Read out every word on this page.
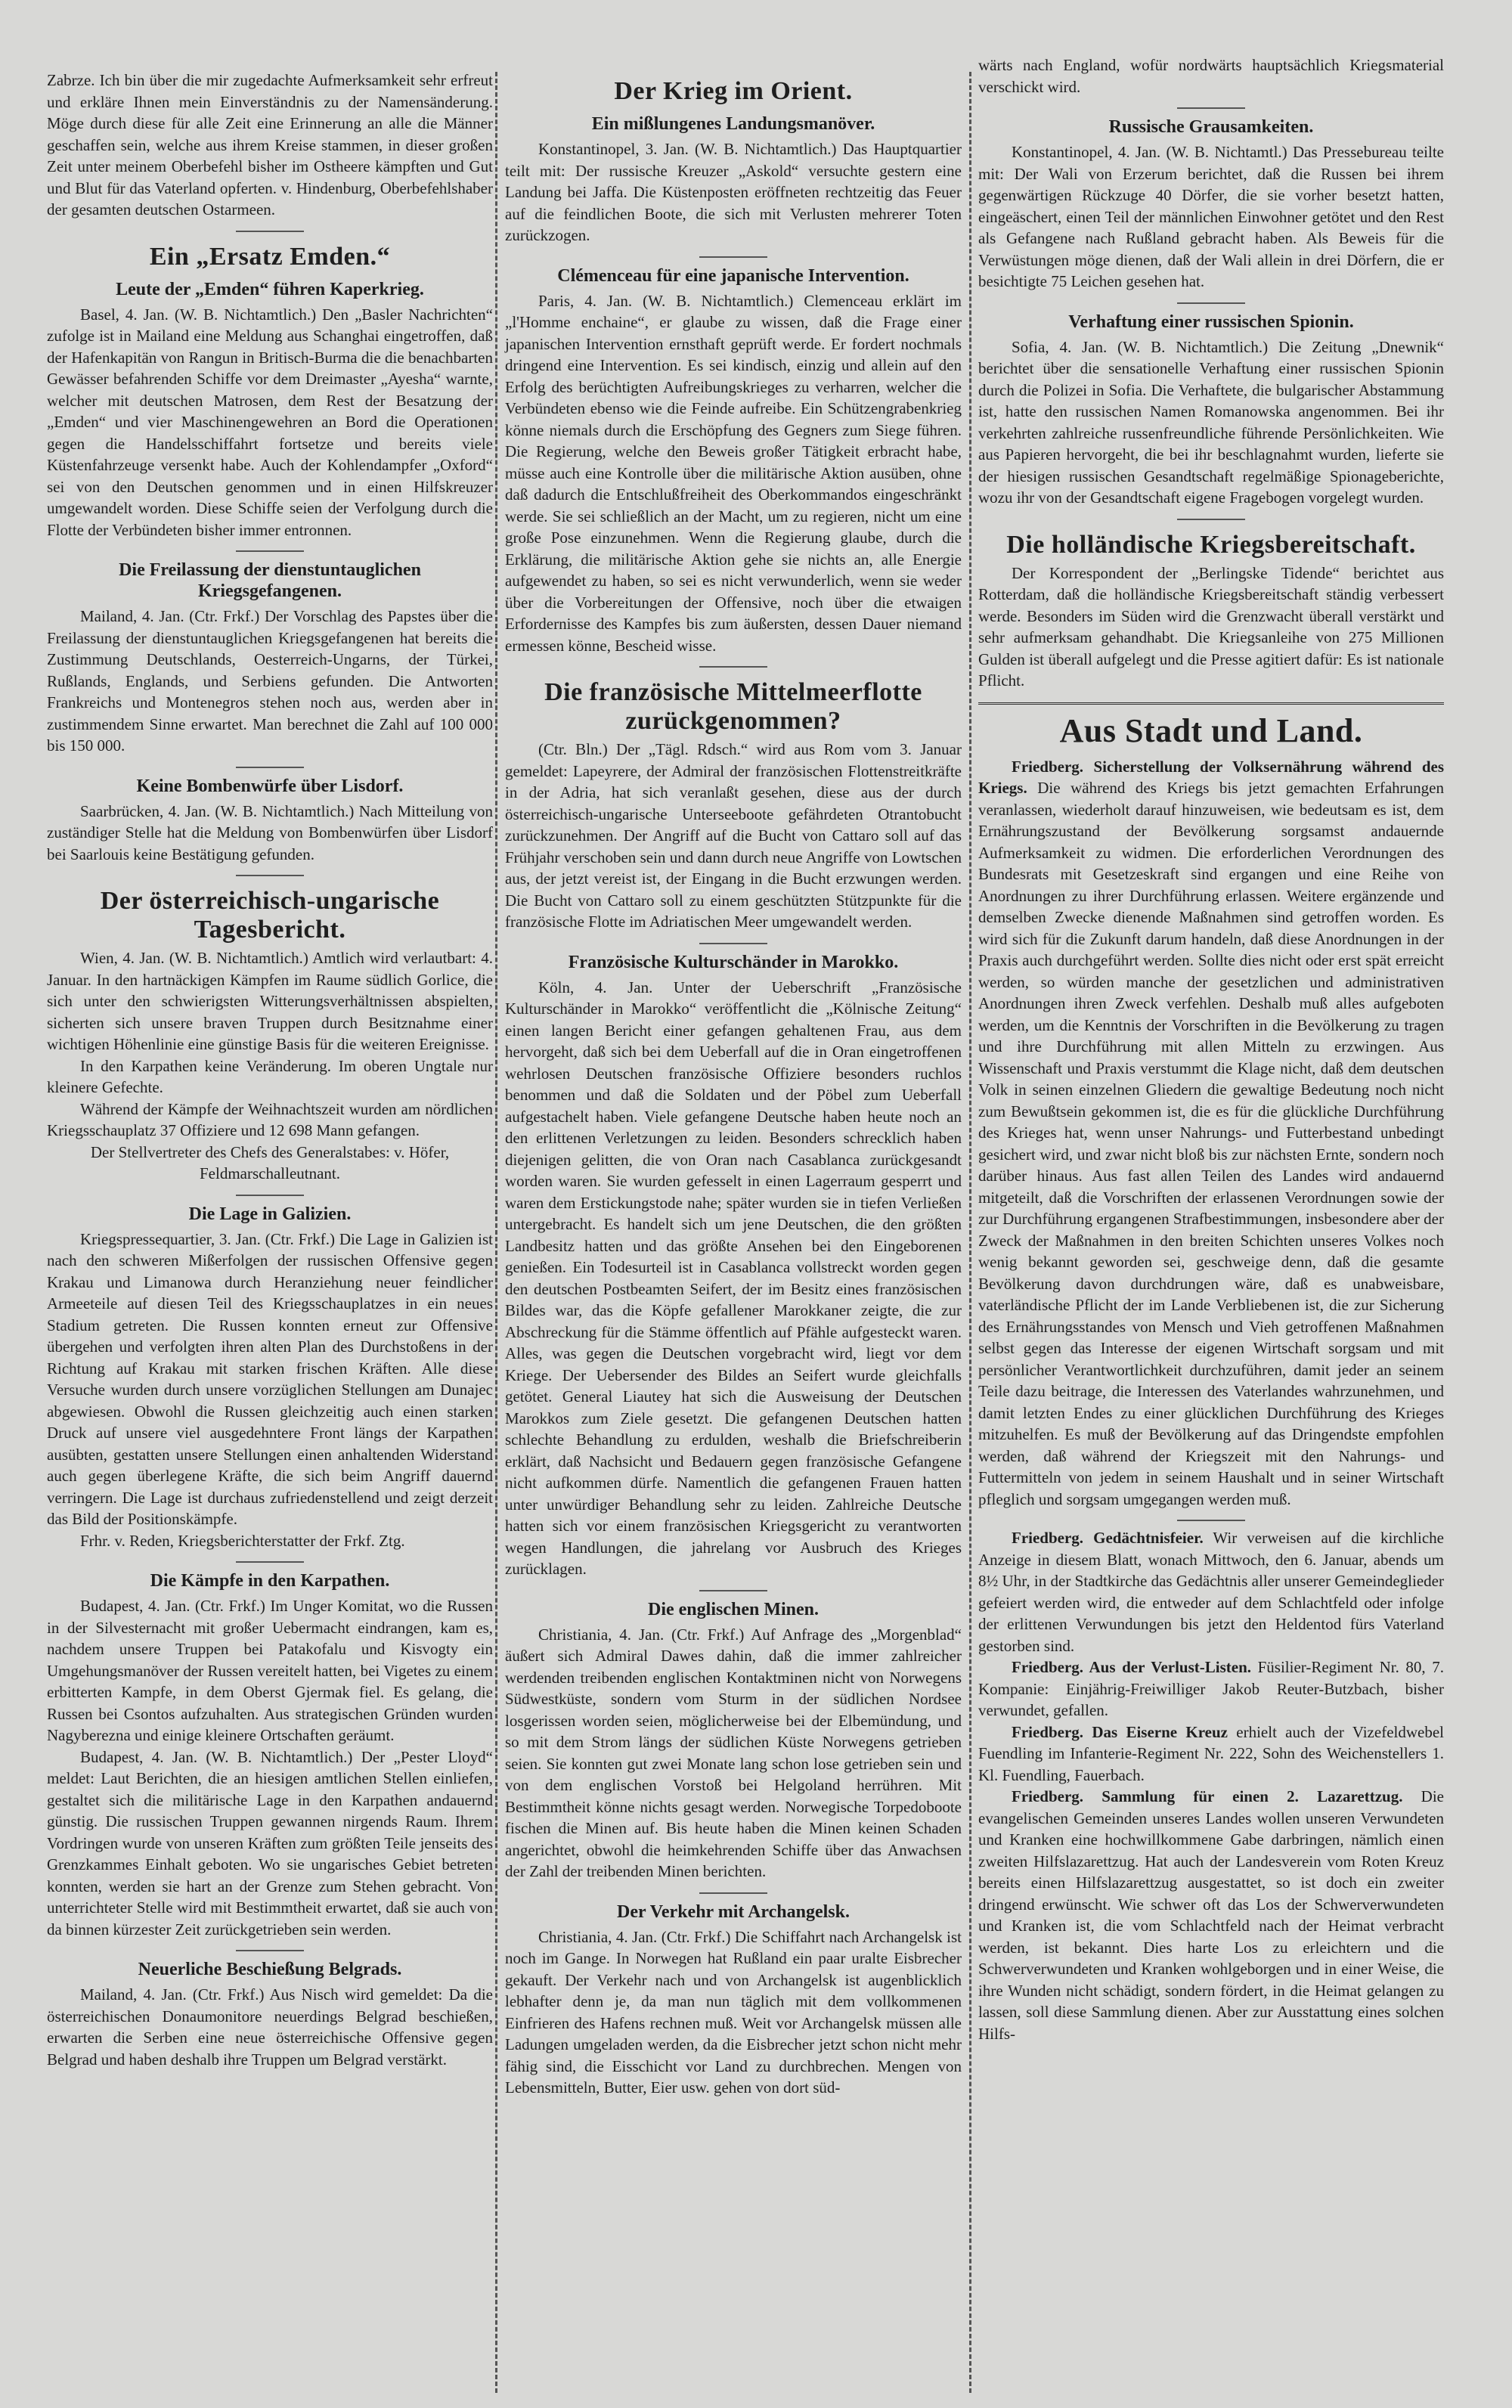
Zabrze. Ich bin über die mir zugedachte Aufmerksamkeit sehr erfreut und erkläre Ihnen mein Einverständnis zu der Namensänderung. Möge durch diese für alle Zeit eine Erinnerung an alle die Männer geschaffen sein, welche aus ihrem Kreise stammen, in dieser großen Zeit unter meinem Oberbefehl bisher im Ostheere kämpften und Gut und Blut für das Vaterland opferten. v. Hindenburg, Oberbefehlshaber der gesamten deutschen Ostarmeen.

Ein „Ersatz Emden.“
Leute der „Emden“ führen Kaperkrieg.

Basel, 4. Jan. (W. B. Nichtamtlich.) Den „Basler Nachrichten“ zufolge ist in Mailand eine Meldung aus Schanghai eingetroffen, daß der Hafenkapitän von Rangun in Britisch-Burma die die benachbarten Gewässer befahrenden Schiffe vor dem Dreimaster „Ayesha“ warnte, welcher mit deutschen Matrosen, dem Rest der Besatzung der „Emden“ und vier Maschinengewehren an Bord die Operationen gegen die Handelsschiffahrt fortsetze und bereits viele Küstenfahrzeuge versenkt habe. Auch der Kohlendampfer „Oxford“ sei von den Deutschen genommen und in einen Hilfskreuzer umgewandelt worden. Diese Schiffe seien der Verfolgung durch die Flotte der Verbündeten bisher immer entronnen.

Die Freilassung der dienstuntauglichen Kriegsgefangenen.

Mailand, 4. Jan. (Ctr. Frkf.) Der Vorschlag des Papstes über die Freilassung der dienstuntauglichen Kriegsgefangenen hat bereits die Zustimmung Deutschlands, Oesterreich-Ungarns, der Türkei, Rußlands, Englands, und Serbiens gefunden. Die Antworten Frankreichs und Montenegros stehen noch aus, werden aber in zustimmendem Sinne erwartet. Man berechnet die Zahl auf 100 000 bis 150 000.

Keine Bombenwürfe über Lisdorf.

Saarbrücken, 4. Jan. (W. B. Nichtamtlich.) Nach Mitteilung von zuständiger Stelle hat die Meldung von Bombenwürfen über Lisdorf bei Saarlouis keine Bestätigung gefunden.

Der österreichisch-ungarische Tagesbericht.

Wien, 4. Jan. (W. B. Nichtamtlich.) Amtlich wird verlautbart: 4. Januar. In den hartnäckigen Kämpfen im Raume südlich Gorlice, die sich unter den schwierigsten Witterungsverhältnissen abspielten, sicherten sich unsere braven Truppen durch Besitznahme einer wichtigen Höhenlinie eine günstige Basis für die weiteren Ereignisse.

In den Karpathen keine Veränderung. Im oberen Ungtale nur kleinere Gefechte.

Während der Kämpfe der Weihnachtszeit wurden am nördlichen Kriegsschauplatz 37 Offiziere und 12 698 Mann gefangen.

Der Stellvertreter des Chefs des Generalstabes: v. Höfer, Feldmarschalleutnant.

Die Lage in Galizien.

Kriegspressequartier, 3. Jan. (Ctr. Frkf.) Die Lage in Galizien ist nach den schweren Mißerfolgen der russischen Offensive gegen Krakau und Limanowa durch Heranziehung neuer feindlicher Armeeteile auf diesen Teil des Kriegsschauplatzes in ein neues Stadium getreten. Die Russen konnten erneut zur Offensive übergehen und verfolgten ihren alten Plan des Durchstoßens in der Richtung auf Krakau mit starken frischen Kräften. Alle diese Versuche wurden durch unsere vorzüglichen Stellungen am Dunajec abgewiesen. Obwohl die Russen gleichzeitig auch einen starken Druck auf unsere viel ausgedehntere Front längs der Karpathen ausübten, gestatten unsere Stellungen einen anhaltenden Widerstand auch gegen überlegene Kräfte, die sich beim Angriff dauernd verringern. Die Lage ist durchaus zufriedenstellend und zeigt derzeit das Bild der Positionskämpfe.

Frhr. v. Reden, Kriegsberichterstatter der Frkf. Ztg.

Die Kämpfe in den Karpathen.

Budapest, 4. Jan. (Ctr. Frkf.) Im Unger Komitat, wo die Russen in der Silvesternacht mit großer Uebermacht eindrangen, kam es, nachdem unsere Truppen bei Patakofalu und Kisvogty ein Umgehungsmanöver der Russen vereitelt hatten, bei Vigetes zu einem erbitterten Kampfe, in dem Oberst Gjermak fiel. Es gelang, die Russen bei Csontos aufzuhalten. Aus strategischen Gründen wurden Nagyberezna und einige kleinere Ortschaften geräumt.

Budapest, 4. Jan. (W. B. Nichtamtlich.) Der „Pester Lloyd“ meldet: Laut Berichten, die an hiesigen amtlichen Stellen einliefen, gestaltet sich die militärische Lage in den Karpathen andauernd günstig. Die russischen Truppen gewannen nirgends Raum. Ihrem Vordringen wurde von unseren Kräften zum größten Teile jenseits des Grenzkammes Einhalt geboten. Wo sie ungarisches Gebiet betreten konnten, werden sie hart an der Grenze zum Stehen gebracht. Von unterrichteter Stelle wird mit Bestimmtheit erwartet, daß sie auch von da binnen kürzester Zeit zurückgetrieben sein werden.

Neuerliche Beschießung Belgrads.

Mailand, 4. Jan. (Ctr. Frkf.) Aus Nisch wird gemeldet: Da die österreichischen Donaumonitore neuerdings Belgrad beschießen, erwarten die Serben eine neue österreichische Offensive gegen Belgrad und haben deshalb ihre Truppen um Belgrad verstärkt.

Der Krieg im Orient.
Ein mißlungenes Landungsmanöver.

Konstantinopel, 3. Jan. (W. B. Nichtamtlich.) Das Hauptquartier teilt mit: Der russische Kreuzer „Askold“ versuchte gestern eine Landung bei Jaffa. Die Küstenposten eröffneten rechtzeitig das Feuer auf die feindlichen Boote, die sich mit Verlusten mehrerer Toten zurückzogen.

Clémenceau für eine japanische Intervention.

Paris, 4. Jan. (W. B. Nichtamtlich.) Clemenceau erklärt im „l'Homme enchaine“, er glaube zu wissen, daß die Frage einer japanischen Intervention ernsthaft geprüft werde. Er fordert nochmals dringend eine Intervention. Es sei kindisch, einzig und allein auf den Erfolg des berüchtigten Aufreibungskrieges zu verharren, welcher die Verbündeten ebenso wie die Feinde aufreibe. Ein Schützengrabenkrieg könne niemals durch die Erschöpfung des Gegners zum Siege führen. Die Regierung, welche den Beweis großer Tätigkeit erbracht habe, müsse auch eine Kontrolle über die militärische Aktion ausüben, ohne daß dadurch die Entschlußfreiheit des Oberkommandos eingeschränkt werde. Sie sei schließlich an der Macht, um zu regieren, nicht um eine große Pose einzunehmen. Wenn die Regierung glaube, durch die Erklärung, die militärische Aktion gehe sie nichts an, alle Energie aufgewendet zu haben, so sei es nicht verwunderlich, wenn sie weder über die Vorbereitungen der Offensive, noch über die etwaigen Erfordernisse des Kampfes bis zum äußersten, dessen Dauer niemand ermessen könne, Bescheid wisse.

Die französische Mittelmeerflotte zurückgenommen?

(Ctr. Bln.) Der „Tägl. Rdsch.“ wird aus Rom vom 3. Januar gemeldet: Lapeyrere, der Admiral der französischen Flottenstreitkräfte in der Adria, hat sich veranlaßt gesehen, diese aus der durch österreichisch-ungarische Unterseeboote gefährdeten Otrantobucht zurückzunehmen. Der Angriff auf die Bucht von Cattaro soll auf das Frühjahr verschoben sein und dann durch neue Angriffe von Lowtschen aus, der jetzt vereist ist, der Eingang in die Bucht erzwungen werden. Die Bucht von Cattaro soll zu einem geschützten Stützpunkte für die französische Flotte im Adriatischen Meer umgewandelt werden.

Französische Kulturschänder in Marokko.

Köln, 4. Jan. Unter der Ueberschrift „Französische Kulturschänder in Marokko“ veröffentlicht die „Kölnische Zeitung“ einen langen Bericht einer gefangen gehaltenen Frau, aus dem hervorgeht, daß sich bei dem Ueberfall auf die in Oran eingetroffenen wehrlosen Deutschen französische Offiziere besonders ruchlos benommen und daß die Soldaten und der Pöbel zum Ueberfall aufgestachelt haben. Viele gefangene Deutsche haben heute noch an den erlittenen Verletzungen zu leiden. Besonders schrecklich haben diejenigen gelitten, die von Oran nach Casablanca zurückgesandt worden waren. Sie wurden gefesselt in einen Lagerraum gesperrt und waren dem Erstickungstode nahe; später wurden sie in tiefen Verließen untergebracht. Es handelt sich um jene Deutschen, die den größten Landbesitz hatten und das größte Ansehen bei den Eingeborenen genießen. Ein Todesurteil ist in Casablanca vollstreckt worden gegen den deutschen Postbeamten Seifert, der im Besitz eines französischen Bildes war, das die Köpfe gefallener Marokkaner zeigte, die zur Abschreckung für die Stämme öffentlich auf Pfähle aufgesteckt waren. Alles, was gegen die Deutschen vorgebracht wird, liegt vor dem Kriege. Der Uebersender des Bildes an Seifert wurde gleichfalls getötet. General Liautey hat sich die Ausweisung der Deutschen Marokkos zum Ziele gesetzt. Die gefangenen Deutschen hatten schlechte Behandlung zu erdulden, weshalb die Briefschreiberin erklärt, daß Nachsicht und Bedauern gegen französische Gefangene nicht aufkommen dürfe. Namentlich die gefangenen Frauen hatten unter unwürdiger Behandlung sehr zu leiden. Zahlreiche Deutsche hatten sich vor einem französischen Kriegsgericht zu verantworten wegen Handlungen, die jahrelang vor Ausbruch des Krieges zurücklagen.

Die englischen Minen.

Christiania, 4. Jan. (Ctr. Frkf.) Auf Anfrage des „Morgenblad“ äußert sich Admiral Dawes dahin, daß die immer zahlreicher werdenden treibenden englischen Kontaktminen nicht von Norwegens Südwestküste, sondern vom Sturm in der südlichen Nordsee losgerissen worden seien, möglicherweise bei der Elbemündung, und so mit dem Strom längs der südlichen Küste Norwegens getrieben seien. Sie konnten gut zwei Monate lang schon lose getrieben sein und von dem englischen Vorstoß bei Helgoland herrühren. Mit Bestimmtheit könne nichts gesagt werden. Norwegische Torpedoboote fischen die Minen auf. Bis heute haben die Minen keinen Schaden angerichtet, obwohl die heimkehrenden Schiffe über das Anwachsen der Zahl der treibenden Minen berichten.

Der Verkehr mit Archangelsk.

Christiania, 4. Jan. (Ctr. Frkf.) Die Schiffahrt nach Archangelsk ist noch im Gange. In Norwegen hat Rußland ein paar uralte Eisbrecher gekauft. Der Verkehr nach und von Archangelsk ist augenblicklich lebhafter denn je, da man nun täglich mit dem vollkommenen Einfrieren des Hafens rechnen muß. Weit vor Archangelsk müssen alle Ladungen umgeladen werden, da die Eisbrecher jetzt schon nicht mehr fähig sind, die Eisschicht vor Land zu durchbrechen. Mengen von Lebensmitteln, Butter, Eier usw. gehen von dort süd-

wärts nach England, wofür nordwärts hauptsächlich Kriegsmaterial verschickt wird.

Russische Grausamkeiten.

Konstantinopel, 4. Jan. (W. B. Nichtamtl.) Das Pressebureau teilte mit: Der Wali von Erzerum berichtet, daß die Russen bei ihrem gegenwärtigen Rückzuge 40 Dörfer, die sie vorher besetzt hatten, eingeäschert, einen Teil der männlichen Einwohner getötet und den Rest als Gefangene nach Rußland gebracht haben. Als Beweis für die Verwüstungen möge dienen, daß der Wali allein in drei Dörfern, die er besichtigte 75 Leichen gesehen hat.

Verhaftung einer russischen Spionin.

Sofia, 4. Jan. (W. B. Nichtamtlich.) Die Zeitung „Dnewnik“ berichtet über die sensationelle Verhaftung einer russischen Spionin durch die Polizei in Sofia. Die Verhaftete, die bulgarischer Abstammung ist, hatte den russischen Namen Romanowska angenommen. Bei ihr verkehrten zahlreiche russenfreundliche führende Persönlichkeiten. Wie aus Papieren hervorgeht, die bei ihr beschlagnahmt wurden, lieferte sie der hiesigen russischen Gesandtschaft regelmäßige Spionageberichte, wozu ihr von der Gesandtschaft eigene Fragebogen vorgelegt wurden.

Die holländische Kriegsbereitschaft.

Der Korrespondent der „Berlingske Tidende“ berichtet aus Rotterdam, daß die holländische Kriegsbereitschaft ständig verbessert werde. Besonders im Süden wird die Grenzwacht überall verstärkt und sehr aufmerksam gehandhabt. Die Kriegsanleihe von 275 Millionen Gulden ist überall aufgelegt und die Presse agitiert dafür: Es ist nationale Pflicht.

Aus Stadt und Land.

Friedberg. Sicherstellung der Volksernährung während des Kriegs. Die während des Kriegs bis jetzt gemachten Erfahrungen veranlassen, wiederholt darauf hinzuweisen, wie bedeutsam es ist, dem Ernährungszustand der Bevölkerung sorgsamst andauernde Aufmerksamkeit zu widmen. Die erforderlichen Verordnungen des Bundesrats mit Gesetzeskraft sind ergangen und eine Reihe von Anordnungen zu ihrer Durchführung erlassen. Weitere ergänzende und demselben Zwecke dienende Maßnahmen sind getroffen worden. Es wird sich für die Zukunft darum handeln, daß diese Anordnungen in der Praxis auch durchgeführt werden. Sollte dies nicht oder erst spät erreicht werden, so würden manche der gesetzlichen und administrativen Anordnungen ihren Zweck verfehlen. Deshalb muß alles aufgeboten werden, um die Kenntnis der Vorschriften in die Bevölkerung zu tragen und ihre Durchführung mit allen Mitteln zu erzwingen. Aus Wissenschaft und Praxis verstummt die Klage nicht, daß dem deutschen Volk in seinen einzelnen Gliedern die gewaltige Bedeutung noch nicht zum Bewußtsein gekommen ist, die es für die glückliche Durchführung des Krieges hat, wenn unser Nahrungs- und Futterbestand unbedingt gesichert wird, und zwar nicht bloß bis zur nächsten Ernte, sondern noch darüber hinaus. Aus fast allen Teilen des Landes wird andauernd mitgeteilt, daß die Vorschriften der erlassenen Verordnungen sowie der zur Durchführung ergangenen Strafbestimmungen, insbesondere aber der Zweck der Maßnahmen in den breiten Schichten unseres Volkes noch wenig bekannt geworden sei, geschweige denn, daß die gesamte Bevölkerung davon durchdrungen wäre, daß es unabweisbare, vaterländische Pflicht der im Lande Verbliebenen ist, die zur Sicherung des Ernährungsstandes von Mensch und Vieh getroffenen Maßnahmen selbst gegen das Interesse der eigenen Wirtschaft sorgsam und mit persönlicher Verantwortlichkeit durchzuführen, damit jeder an seinem Teile dazu beitrage, die Interessen des Vaterlandes wahrzunehmen, und damit letzten Endes zu einer glücklichen Durchführung des Krieges mitzuhelfen. Es muß der Bevölkerung auf das Dringendste empfohlen werden, daß während der Kriegszeit mit den Nahrungs- und Futtermitteln von jedem in seinem Haushalt und in seiner Wirtschaft pfleglich und sorgsam umgegangen werden muß.

Friedberg. Gedächtnisfeier. Wir verweisen auf die kirchliche Anzeige in diesem Blatt, wonach Mittwoch, den 6. Januar, abends um 8½ Uhr, in der Stadtkirche das Gedächtnis aller unserer Gemeindeglieder gefeiert werden wird, die entweder auf dem Schlachtfeld oder infolge der erlittenen Verwundungen bis jetzt den Heldentod fürs Vaterland gestorben sind.

Friedberg. Aus der Verlust-Listen. Füsilier-Regiment Nr. 80, 7. Kompanie: Einjährig-Freiwilliger Jakob Reuter-Butzbach, bisher verwundet, gefallen.

Friedberg. Das Eiserne Kreuz erhielt auch der Vizefeldwebel Fuendling im Infanterie-Regiment Nr. 222, Sohn des Weichenstellers 1. Kl. Fuendling, Fauerbach.

Friedberg. Sammlung für einen 2. Lazarettzug. Die evangelischen Gemeinden unseres Landes wollen unseren Verwundeten und Kranken eine hochwillkommene Gabe darbringen, nämlich einen zweiten Hilfslazarettzug. Hat auch der Landesverein vom Roten Kreuz bereits einen Hilfslazarettzug ausgestattet, so ist doch ein zweiter dringend erwünscht. Wie schwer oft das Los der Schwerverwundeten und Kranken ist, die vom Schlachtfeld nach der Heimat verbracht werden, ist bekannt. Dies harte Los zu erleichtern und die Schwerverwundeten und Kranken wohlgeborgen und in einer Weise, die ihre Wunden nicht schädigt, sondern fördert, in die Heimat gelangen zu lassen, soll diese Sammlung dienen. Aber zur Ausstattung eines solchen Hilfs-
